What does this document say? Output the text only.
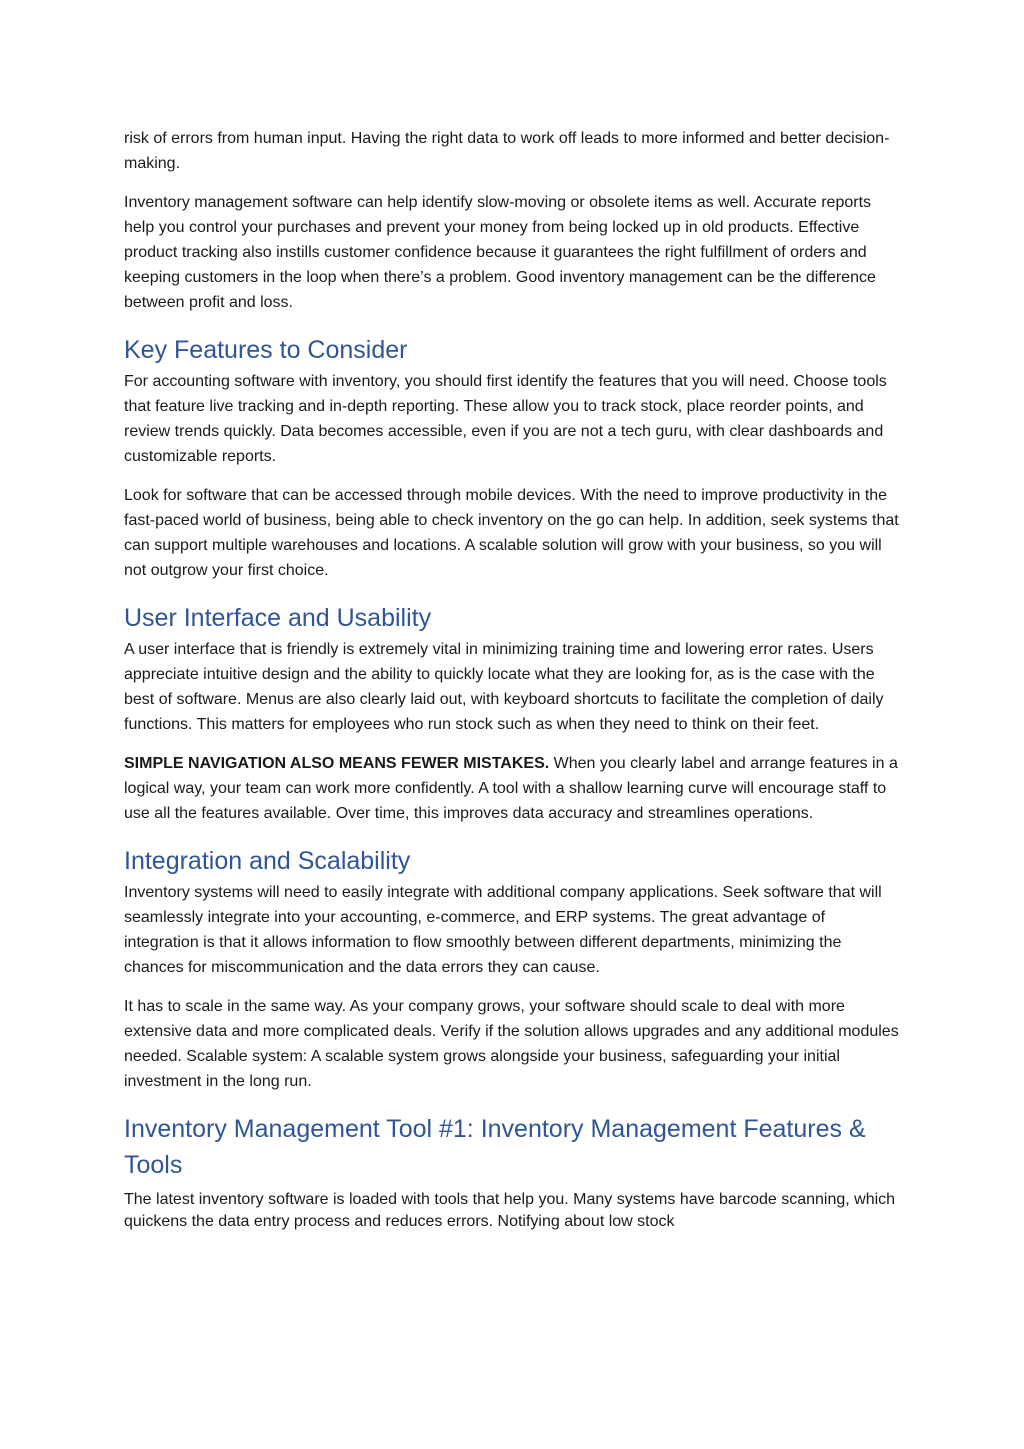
risk of errors from human input. Having the right data to work off leads to more informed and better decision-making.

Inventory management software can help identify slow-moving or obsolete items as well. Accurate reports help you control your purchases and prevent your money from being locked up in old products. Effective product tracking also instills customer confidence because it guarantees the right fulfillment of orders and keeping customers in the loop when there’s a problem. Good inventory management can be the difference between profit and loss.

Key Features to Consider

For accounting software with inventory, you should first identify the features that you will need. Choose tools that feature live tracking and in-depth reporting. These allow you to track stock, place reorder points, and review trends quickly. Data becomes accessible, even if you are not a tech guru, with clear dashboards and customizable reports.

Look for software that can be accessed through mobile devices. With the need to improve productivity in the fast-paced world of business, being able to check inventory on the go can help. In addition, seek systems that can support multiple warehouses and locations. A scalable solution will grow with your business, so you will not outgrow your first choice.

User Interface and Usability

A user interface that is friendly is extremely vital in minimizing training time and lowering error rates. Users appreciate intuitive design and the ability to quickly locate what they are looking for, as is the case with the best of software. Menus are also clearly laid out, with keyboard shortcuts to facilitate the completion of daily functions. This matters for employees who run stock such as when they need to think on their feet.

SIMPLE NAVIGATION ALSO MEANS FEWER MISTAKES. When you clearly label and arrange features in a logical way, your team can work more confidently. A tool with a shallow learning curve will encourage staff to use all the features available. Over time, this improves data accuracy and streamlines operations.

Integration and Scalability

Inventory systems will need to easily integrate with additional company applications. Seek software that will seamlessly integrate into your accounting, e-commerce, and ERP systems. The great advantage of integration is that it allows information to flow smoothly between different departments, minimizing the chances for miscommunication and the data errors they can cause.

It has to scale in the same way. As your company grows, your software should scale to deal with more extensive data and more complicated deals. Verify if the solution allows upgrades and any additional modules needed. Scalable system: A scalable system grows alongside your business, safeguarding your initial investment in the long run.

Inventory Management Tool #1: Inventory Management Features & Tools

The latest inventory software is loaded with tools that help you. Many systems have barcode scanning, which quickens the data entry process and reduces errors. Notifying about low stock
